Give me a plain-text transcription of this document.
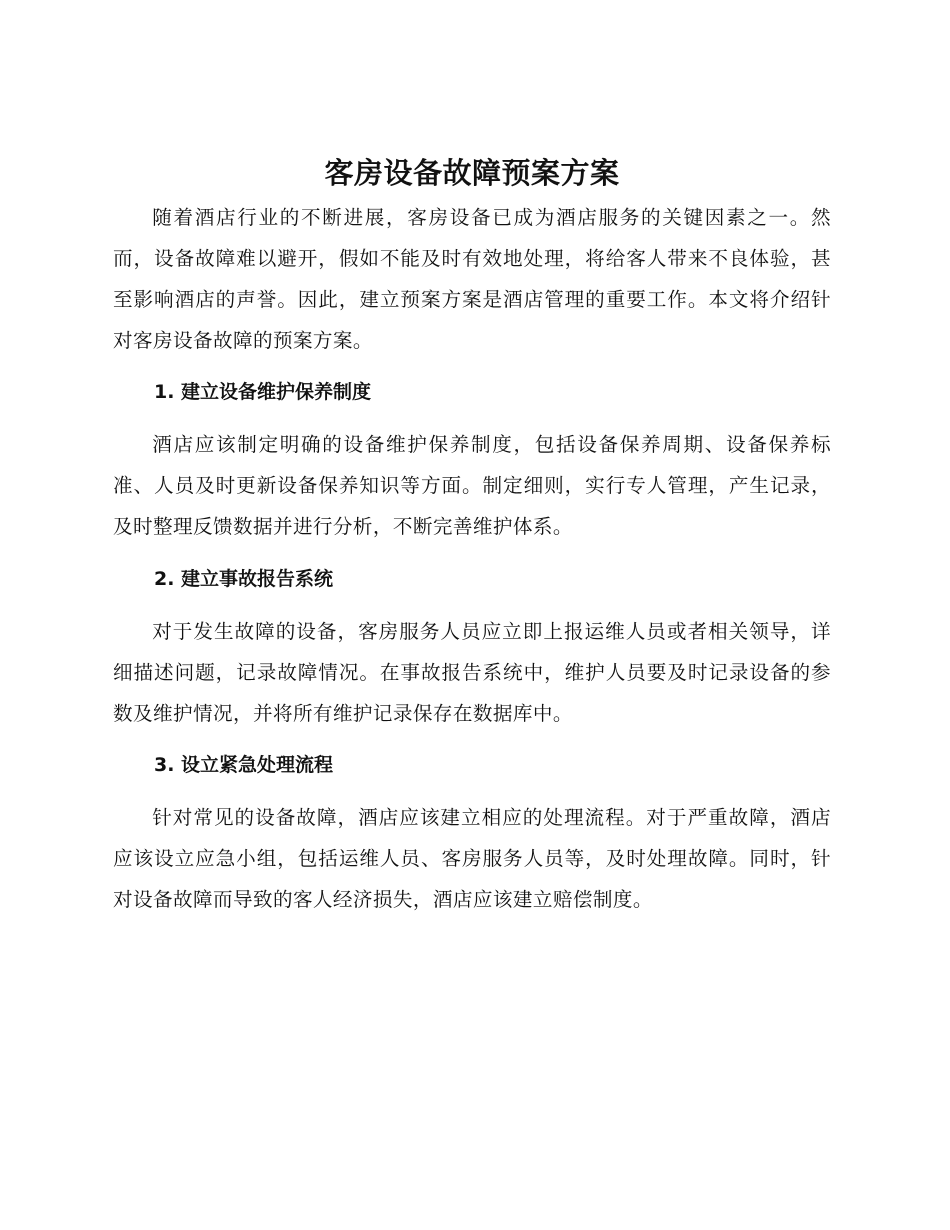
客房设备故障预案方案

随着酒店行业的不断进展，客房设备已成为酒店服务的关键因素之一。然而，设备故障难以避开，假如不能及时有效地处理，将给客人带来不良体验，甚至影响酒店的声誉。因此，建立预案方案是酒店管理的重要工作。本文将介绍针对客房设备故障的预案方案。

1. 建立设备维护保养制度

酒店应该制定明确的设备维护保养制度，包括设备保养周期、设备保养标准、人员及时更新设备保养知识等方面。制定细则，实行专人管理，产生记录，及时整理反馈数据并进行分析，不断完善维护体系。

2. 建立事故报告系统

对于发生故障的设备，客房服务人员应立即上报运维人员或者相关领导，详细描述问题，记录故障情况。在事故报告系统中，维护人员要及时记录设备的参数及维护情况，并将所有维护记录保存在数据库中。

3. 设立紧急处理流程

针对常见的设备故障，酒店应该建立相应的处理流程。对于严重故障，酒店应该设立应急小组，包括运维人员、客房服务人员等，及时处理故障。同时，针对设备故障而导致的客人经济损失，酒店应该建立赔偿制度。
